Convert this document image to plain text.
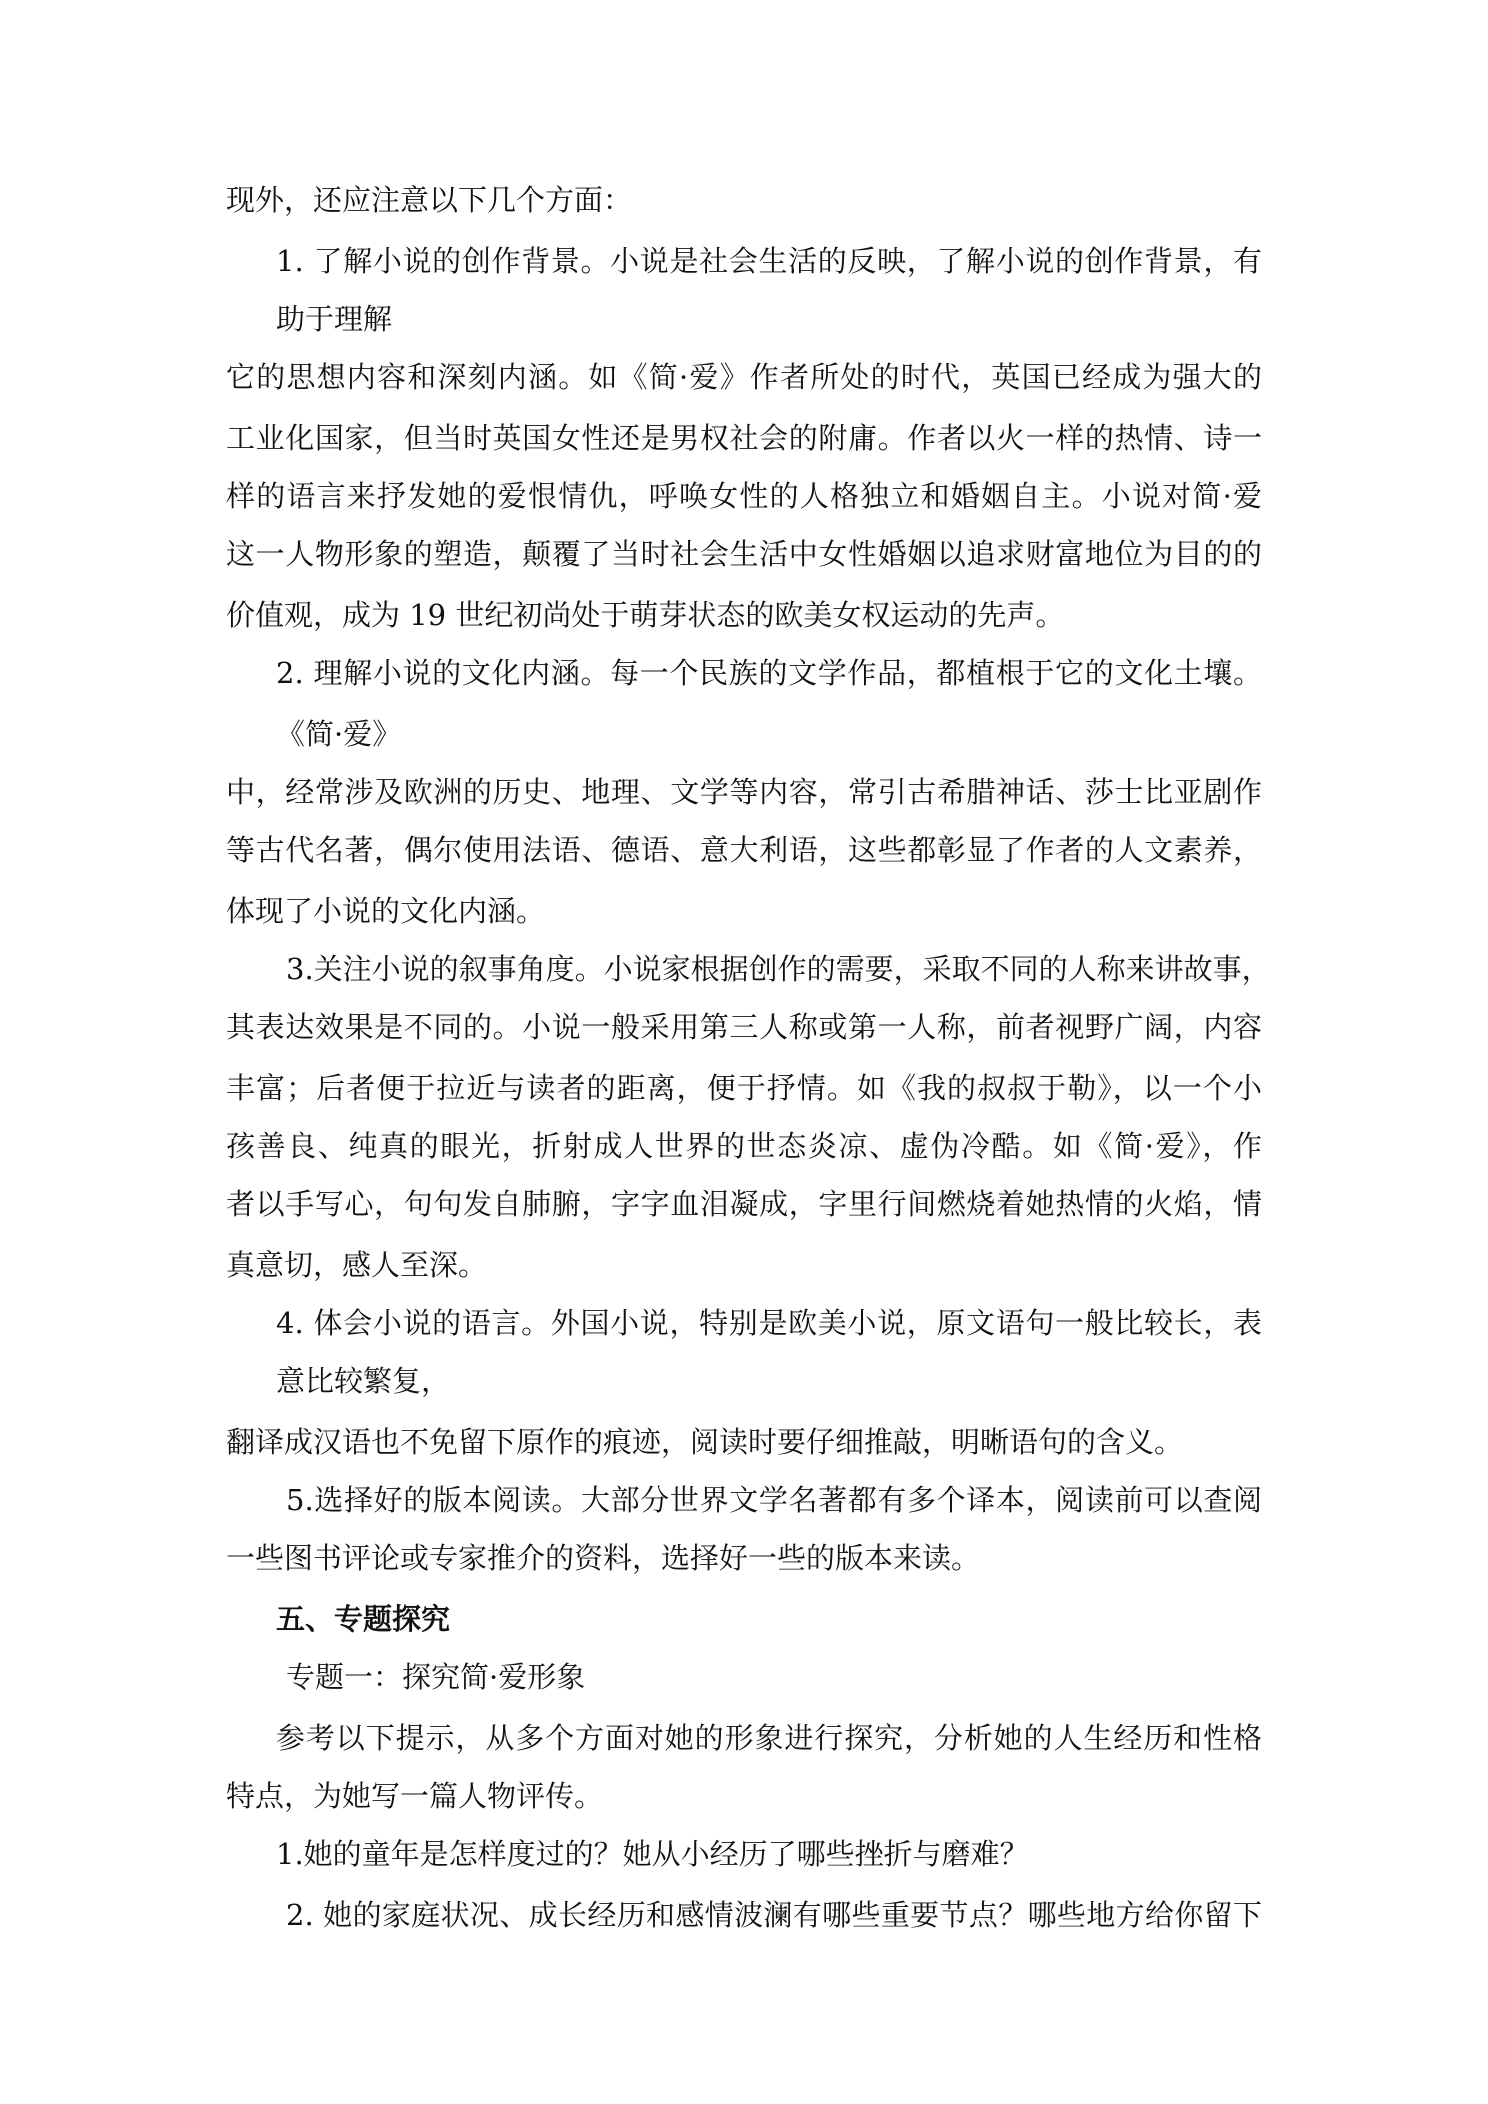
现外，还应注意以下几个方面：
1. 了解小说的创作背景。小说是社会生活的反映，了解小说的创作背景，有
助于理解
它的思想内容和深刻内涵。如《简·爱》作者所处的时代，英国已经成为强大的
工业化国家，但当时英国女性还是男权社会的附庸。作者以火一样的热情、诗一
样的语言来抒发她的爱恨情仇，呼唤女性的人格独立和婚姻自主。小说对简·爱
这一人物形象的塑造，颠覆了当时社会生活中女性婚姻以追求财富地位为目的的
价值观，成为 19 世纪初尚处于萌芽状态的欧美女权运动的先声。
2. 理解小说的文化内涵。每一个民族的文学作品，都植根于它的文化土壤。
《简·爱》
中，经常涉及欧洲的历史、地理、文学等内容，常引古希腊神话、莎士比亚剧作
等古代名著，偶尔使用法语、德语、意大利语，这些都彰显了作者的人文素养，
体现了小说的文化内涵。
3.关注小说的叙事角度。小说家根据创作的需要，采取不同的人称来讲故事，
其表达效果是不同的。小说一般采用第三人称或第一人称，前者视野广阔，内容
丰富；后者便于拉近与读者的距离，便于抒情。如《我的叔叔于勒》，以一个小
孩善良、纯真的眼光，折射成人世界的世态炎凉、虚伪冷酷。如《简·爱》，作
者以手写心，句句发自肺腑，字字血泪凝成，字里行间燃烧着她热情的火焰，情
真意切，感人至深。
4. 体会小说的语言。外国小说，特别是欧美小说，原文语句一般比较长，表
意比较繁复，
翻译成汉语也不免留下原作的痕迹，阅读时要仔细推敲，明晰语句的含义。
5.选择好的版本阅读。大部分世界文学名著都有多个译本，阅读前可以查阅
一些图书评论或专家推介的资料，选择好一些的版本来读。
五、专题探究
专题一：探究简·爱形象
参考以下提示，从多个方面对她的形象进行探究，分析她的人生经历和性格
特点，为她写一篇人物评传。
1.她的童年是怎样度过的？她从小经历了哪些挫折与磨难？
2. 她的家庭状况、成长经历和感情波澜有哪些重要节点？哪些地方给你留下
